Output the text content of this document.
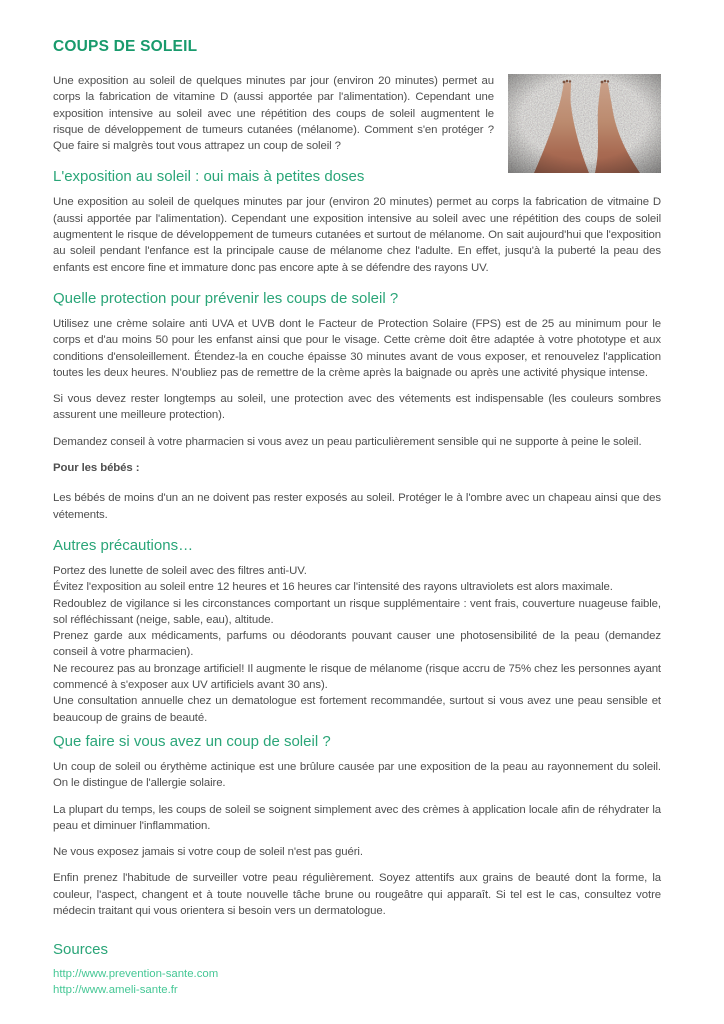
COUPS DE SOLEIL

Une exposition au soleil de quelques minutes par jour (environ 20 minutes) permet au corps la fabrication de vitamine D (aussi apportée par l'alimentation). Cependant une exposition intensive au soleil avec une répétition des coups de soleil augmentent le risque de développement de tumeurs cutanées (mélanome). Comment s'en protéger ? Que faire si malgrès tout vous attrapez un coup de soleil ?

L'exposition au soleil : oui mais à petites doses

Une exposition au soleil de quelques minutes par jour (environ 20 minutes) permet au corps la fabrication de vitmaine D (aussi apportée par l'alimentation). Cependant une exposition intensive au soleil avec une répétition des coups de soleil augmentent le risque de développement de tumeurs cutanées et surtout de mélanome. On sait aujourd'hui que l'exposition au soleil pendant l'enfance est la principale cause de mélanome chez l'adulte. En effet, jusqu'à la puberté la peau des enfants est encore fine et immature donc pas encore apte à se défendre des rayons UV.

Quelle protection pour prévenir les coups de soleil ?

Utilisez une crème solaire anti UVA et UVB dont le Facteur de Protection Solaire (FPS) est de 25 au minimum pour le corps et d'au moins 50 pour les enfanst ainsi que pour le visage. Cette crème doit être adaptée à votre phototype et aux conditions d'ensoleillement. Étendez-la en couche épaisse 30 minutes avant de vous exposer, et renouvelez l'application toutes les deux heures. N'oubliez pas de remettre de la crème après la baignade ou après une activité physique intense.

Si vous devez rester longtemps au soleil, une protection avec des vétements est indispensable (les couleurs sombres assurent une meilleure protection).

Demandez conseil à votre pharmacien si vous avez un peau particulièrement sensible qui ne supporte à peine le soleil.

Pour les bébés :

Les bébés de moins d'un an ne doivent pas rester exposés au soleil. Protéger le à l'ombre avec un chapeau ainsi que des vétements.

Autres précautions…

Portez des lunette de soleil avec des filtres anti-UV.

Évitez l'exposition au soleil entre 12 heures et 16 heures car l'intensité des rayons ultraviolets est alors maximale.

Redoublez de vigilance si les circonstances comportant un risque supplémentaire : vent frais, couverture nuageuse faible, sol réfléchissant (neige, sable, eau), altitude.

Prenez garde aux médicaments, parfums ou déodorants pouvant causer une photosensibilité de la peau (demandez conseil à votre pharmacien).

Ne recourez pas au bronzage artificiel! Il augmente le risque de mélanome (risque accru de 75% chez les personnes ayant commencé à s'exposer aux UV artificiels avant 30 ans).

Une consultation annuelle chez un dematologue est fortement recommandée, surtout si vous avez une peau sensible et beaucoup de grains de beauté.

Que faire si vous avez un coup de soleil ?

Un coup de soleil ou érythème actinique est une brûlure causée par une exposition de la peau au rayonnement du soleil. On le distingue de l'allergie solaire.

La plupart du temps, les coups de soleil se soignent simplement avec des crèmes à application locale afin de réhydrater la peau et diminuer l'inflammation.

Ne vous exposez jamais si votre coup de soleil n'est pas guéri.

Enfin prenez l'habitude de surveiller votre peau régulièrement. Soyez attentifs aux grains de beauté dont la forme, la couleur, l'aspect, changent et à toute nouvelle tâche brune ou rougeâtre qui apparaît. Si tel est le cas, consultez votre médecin traitant qui vous orientera si besoin vers un dermatologue.

Sources
http://www.prevention-sante.com
http://www.ameli-sante.fr
